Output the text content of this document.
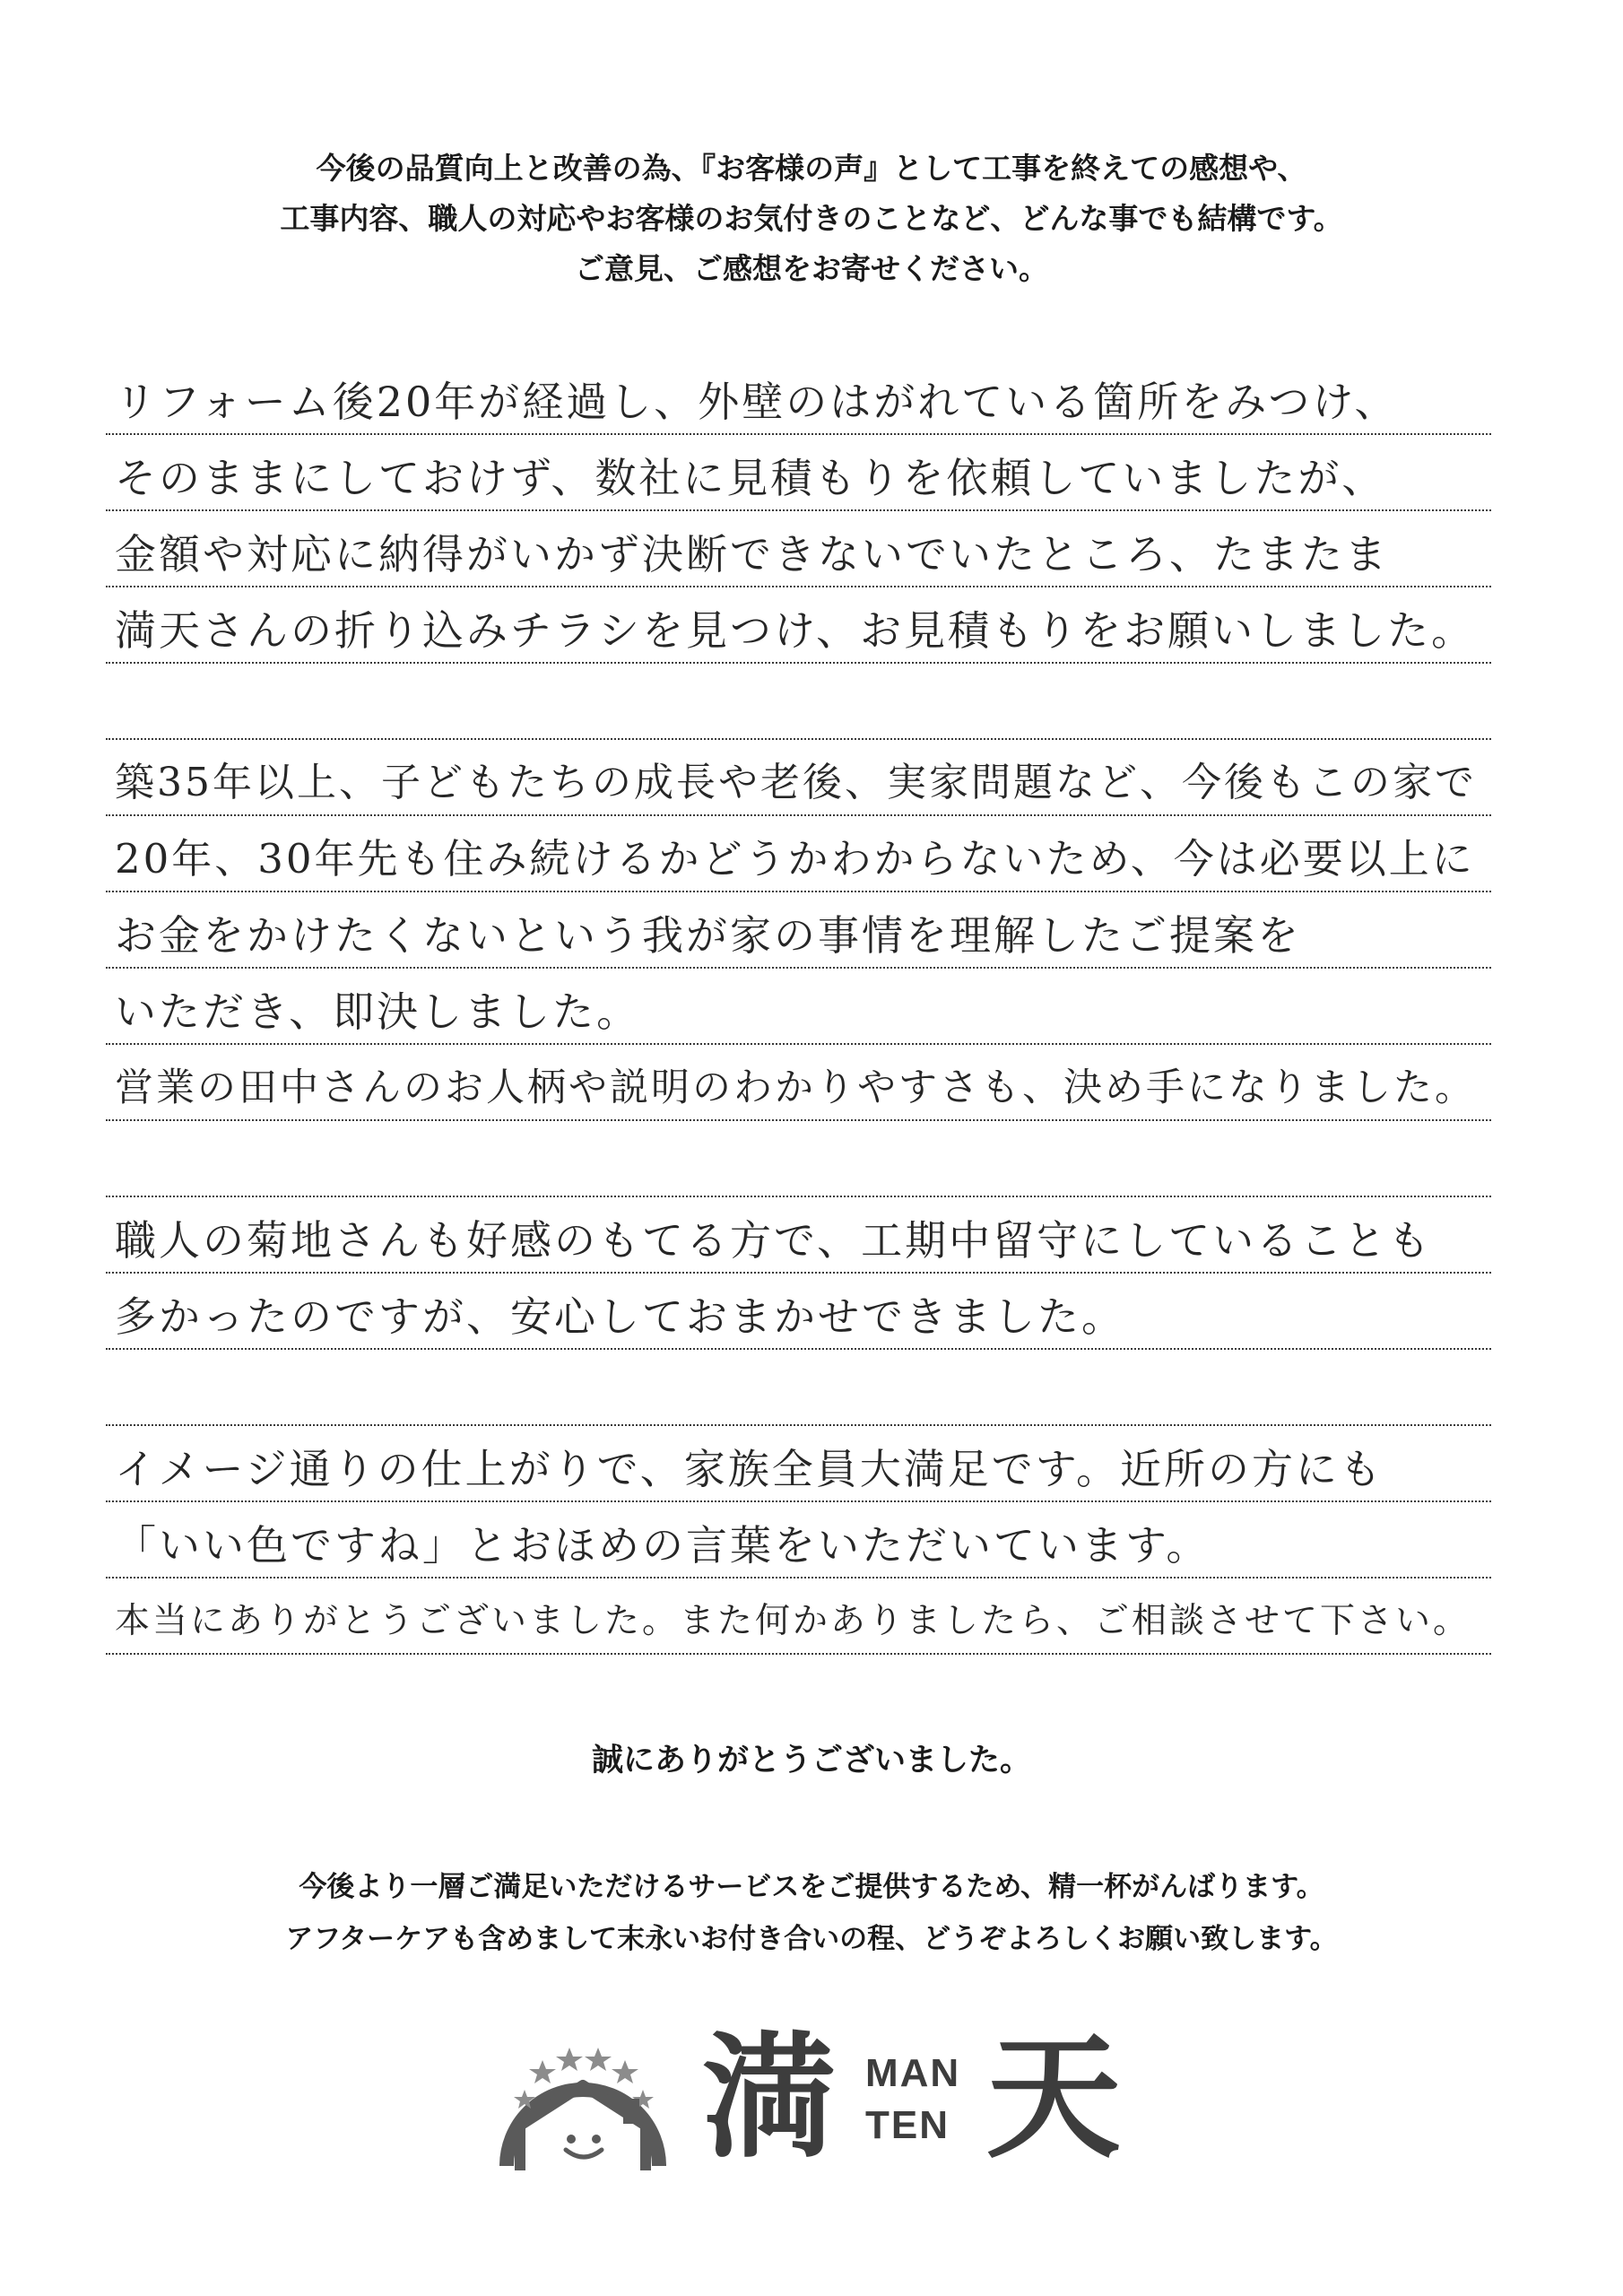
今後の品質向上と改善の為、『お客様の声』として工事を終えての感想や、

工事内容、職人の対応やお客様のお気付きのことなど、どんな事でも結構です。

ご意見、ご感想をお寄せください。

リフォーム後20年が経過し、外壁のはがれている箇所をみつけ、
そのままにしておけず、数社に見積もりを依頼していましたが、
金額や対応に納得がいかず決断できないでいたところ、たまたま
満天さんの折り込みチラシを見つけ、お見積もりをお願いしました。
築35年以上、子どもたちの成長や老後、実家問題など、今後もこの家で
20年、30年先も住み続けるかどうかわからないため、今は必要以上に
お金をかけたくないという我が家の事情を理解したご提案を
いただき、即決しました。
営業の田中さんのお人柄や説明のわかりやすさも、決め手になりました。
職人の菊地さんも好感のもてる方で、工期中留守にしていることも
多かったのですが、安心しておまかせできました。
イメージ通りの仕上がりで、家族全員大満足です。近所の方にも
「いい色ですね」とおほめの言葉をいただいています。
本当にありがとうございました。また何かありましたら、ご相談させて下さい。
誠にありがとうございました。

今後より一層ご満足いただけるサービスをご提供するため、精一杯がんばります。

アフターケアも含めまして末永いお付き合いの程、どうぞよろしくお願い致します。

満 MAN
TEN 天
